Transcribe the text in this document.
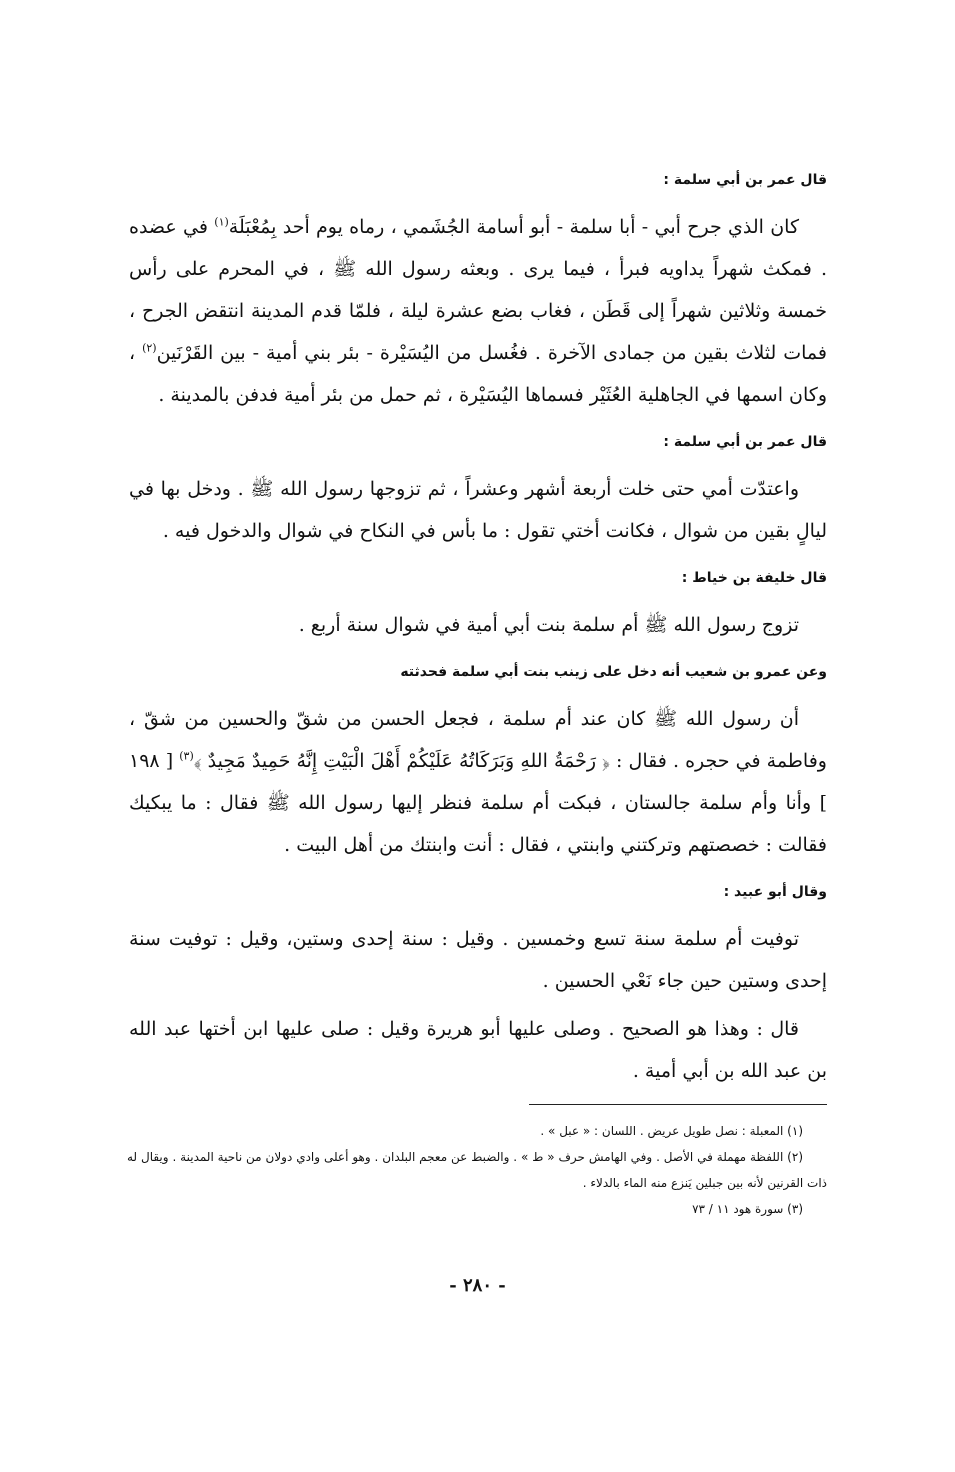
قال عمر بن أبي سلمة :
كان الذي جرح أبي - أبا سلمة - أبو أسامة الجُشَمي ، رماه يوم أحد بِمُعْبَلَة$^{(١)}$ في عضده . فمكث شهراً يداويه فبرأ ، فيما يرى . وبعثه رسول الله ﷺ ، في المحرم على رأس خمسة وثلاثين شهراً إلى قَطَن ، فغاب بضع عشرة ليلة ، فلمّا قدم المدينة انتقض الجرح ، فمات لثلاث بقين من جمادى الآخرة . فغُسل من اليُسَيْرة - بئر بني أمية - بين القَرْنَين$^{(٢)}$ ، وكان اسمها في الجاهلية العُثَيْر فسماها اليُسَيْرة ، ثم حمل من بئر أمية فدفن بالمدينة .
قال عمر بن أبي سلمة :
واعتدّت أمي حتى خلت أربعة أشهر وعشراً ، ثم تزوجها رسول الله ﷺ . ودخل بها في ليالٍ بقين من شوال ، فكانت أختي تقول : ما بأس في النكاح في شوال والدخول فيه .
قال خليفة بن خياط :
تزوج رسول الله ﷺ أم سلمة بنت أبي أمية في شوال سنة أربع .
وعن عمرو بن شعيب أنه دخل على زينب بنت أبي سلمة فحدثته
أن رسول الله ﷺ كان عند أم سلمة ، فجعل الحسن من شقّ والحسين من شقّ ، وفاطمة في حجره . فقال : ﴿ رَحْمَةُ اللهِ وَبَرَكَاتُهُ عَلَيْكُمْ أَهْلَ الْبَيْتِ إِنَّهُ حَمِيدٌ مَجِيدٌ ﴾$^{(٣)}$ [ ١٩٨ ] وأنا وأم سلمة جالستان ، فبكت أم سلمة فنظر إليها رسول الله ﷺ فقال : ما يبكيك فقالت : خصصتهم وتركتني وابنتي ، فقال : أنت وابنتك من أهل البيت .
وقال أبو عبيد :
توفيت أم سلمة سنة تسع وخمسين . وقيل : سنة إحدى وستين، وقيل : توفيت سنة إحدى وستين حين جاء نَعْي الحسين .
قال : وهذا هو الصحيح . وصلى عليها أبو هريرة وقيل : صلى عليها ابن أختها عبد الله بن عبد الله بن أبي أمية .

(١) المعبلة : نصل طويل عريض . اللسان : « عبل » .

(٢) اللفظة مهملة في الأصل . وفي الهامش حرف « ط » . والضبط عن معجم البلدان . وهو أعلى وادي دولان من ناحية المدينة . ويقال له ذات القرنين لأنه بين جبلين يَنزع منه الماء بالدلاء .

(٣) سورة هود ١١ / ٧٣

- ٢٨٠ -
